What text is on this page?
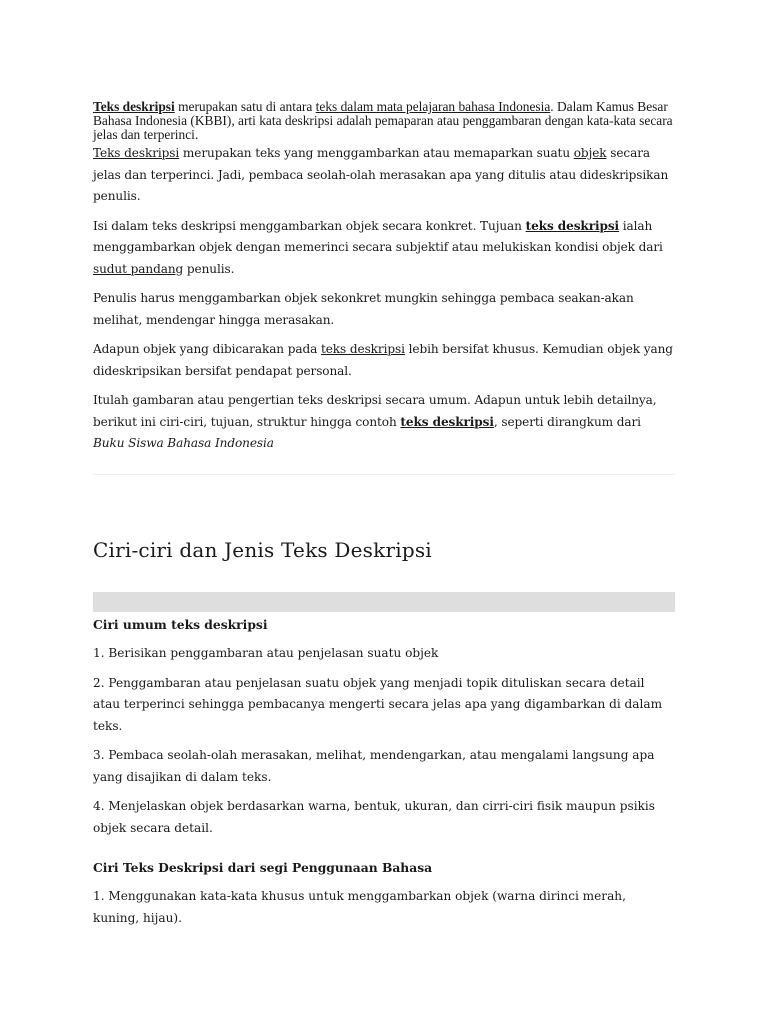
Teks deskripsi merupakan satu di antara teks dalam mata pelajaran bahasa Indonesia. Dalam Kamus Besar Bahasa Indonesia (KBBI), arti kata deskripsi adalah pemaparan atau penggambaran dengan kata-kata secara jelas dan terperinci.

Teks deskripsi merupakan teks yang menggambarkan atau memaparkan suatu objek secara jelas dan terperinci. Jadi, pembaca seolah-olah merasakan apa yang ditulis atau dideskripsikan penulis.

Isi dalam teks deskripsi menggambarkan objek secara konkret. Tujuan teks deskripsi ialah menggambarkan objek dengan memerinci secara subjektif atau melukiskan kondisi objek dari sudut pandang penulis.

Penulis harus menggambarkan objek sekonkret mungkin sehingga pembaca seakan-akan melihat, mendengar hingga merasakan.

Adapun objek yang dibicarakan pada teks deskripsi lebih bersifat khusus. Kemudian objek yang dideskripsikan bersifat pendapat personal.

Itulah gambaran atau pengertian teks deskripsi secara umum. Adapun untuk lebih detailnya, berikut ini ciri-ciri, tujuan, struktur hingga contoh teks deskripsi, seperti dirangkum dari Buku Siswa Bahasa Indonesia

Ciri-ciri dan Jenis Teks Deskripsi
Ciri umum teks deskripsi
1. Berisikan penggambaran atau penjelasan suatu objek
2. Penggambaran atau penjelasan suatu objek yang menjadi topik dituliskan secara detail atau terperinci sehingga pembacanya mengerti secara jelas apa yang digambarkan di dalam teks.
3. Pembaca seolah-olah merasakan, melihat, mendengarkan, atau mengalami langsung apa yang disajikan di dalam teks.
4. Menjelaskan objek berdasarkan warna, bentuk, ukuran, dan cirri-ciri fisik maupun psikis objek secara detail.
Ciri Teks Deskripsi dari segi Penggunaan Bahasa
1. Menggunakan kata-kata khusus untuk menggambarkan objek (warna dirinci merah, kuning, hijau).
